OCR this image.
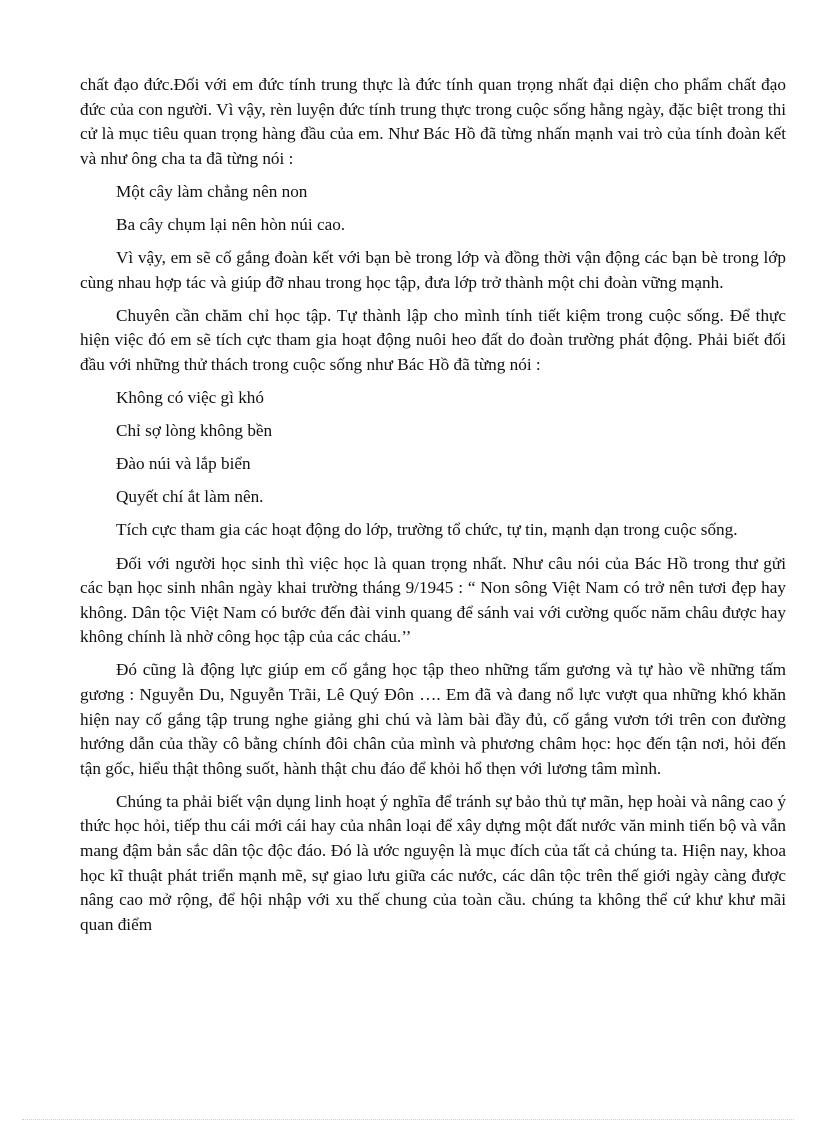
chất đạo đức.Đối với em đức tính trung thực là đức tính quan trọng nhất đại diện cho phẩm chất đạo đức của con người. Vì vậy, rèn luyện đức tính trung thực trong cuộc sống hằng ngày, đặc biệt trong thi cử là mục tiêu quan trọng hàng đầu của em. Như Bác Hồ đã từng nhấn mạnh vai trò của tính đoàn kết và như ông cha ta đã từng nói :

Một cây làm chẳng nên non

Ba cây chụm lại nên hòn núi cao.

Vì vậy, em sẽ cố gắng đoàn kết với bạn bè trong lớp và đồng thời vận động các bạn bè trong lớp cùng nhau hợp tác và giúp đỡ nhau trong học tập, đưa lớp trở thành một chi đoàn vững mạnh.

Chuyên cần chăm chỉ học tập. Tự thành lập cho mình tính tiết kiệm trong cuộc sống. Để thực hiện việc đó em sẽ tích cực tham gia hoạt động nuôi heo đất do đoàn trường phát động. Phải biết đối đầu với những thử thách trong cuộc sống như Bác Hồ đã từng nói :

Không có việc gì khó

Chỉ sợ lòng không bền

Đào núi và lắp biển

Quyết chí ắt làm nên.

Tích cực tham gia các hoạt động do lớp, trường tổ chức, tự tin, mạnh dạn trong cuộc sống.

Đối với người học sinh thì việc học là quan trọng nhất. Như câu nói của Bác Hồ trong thư gửi các bạn học sinh nhân ngày khai trường tháng 9/1945 : “ Non sông Việt Nam có trở nên tươi đẹp hay không. Dân tộc Việt Nam có bước đến đài vinh quang để sánh vai với cường quốc năm châu được hay không chính là nhờ công học tập của các cháu.’’

Đó cũng là động lực giúp em cố gắng học tập theo những tấm gương và tự hào về những tấm gương : Nguyễn Du, Nguyễn Trãi, Lê Quý Đôn …. Em đã và đang nổ lực vượt qua những khó khăn hiện nay cố gắng tập trung nghe giảng ghi chú và làm bài đầy đủ, cố gắng vươn tới trên con đường hướng dẫn của thầy cô bằng chính đôi chân của mình và phương châm học: học đến tận nơi, hỏi đến tận gốc, hiểu thật thông suốt, hành thật chu đáo để khỏi hổ thẹn với lương tâm mình.

Chúng ta phải biết vận dụng linh hoạt ý nghĩa để tránh sự bảo thủ tự mãn, hẹp hoài và nâng cao ý thức học hỏi, tiếp thu cái mới cái hay của nhân loại để xây dựng một đất nước văn minh tiến bộ và vẫn mang đậm bản sắc dân tộc độc đáo. Đó là ước nguyện là mục đích của tất cả chúng ta. Hiện nay, khoa học kĩ thuật phát triển mạnh mẽ, sự giao lưu giữa các nước, các dân tộc trên thế giới ngày càng được nâng cao mở rộng, để hội nhập với xu thế chung của toàn cầu. chúng ta không thể cứ khư khư mãi quan điểm
